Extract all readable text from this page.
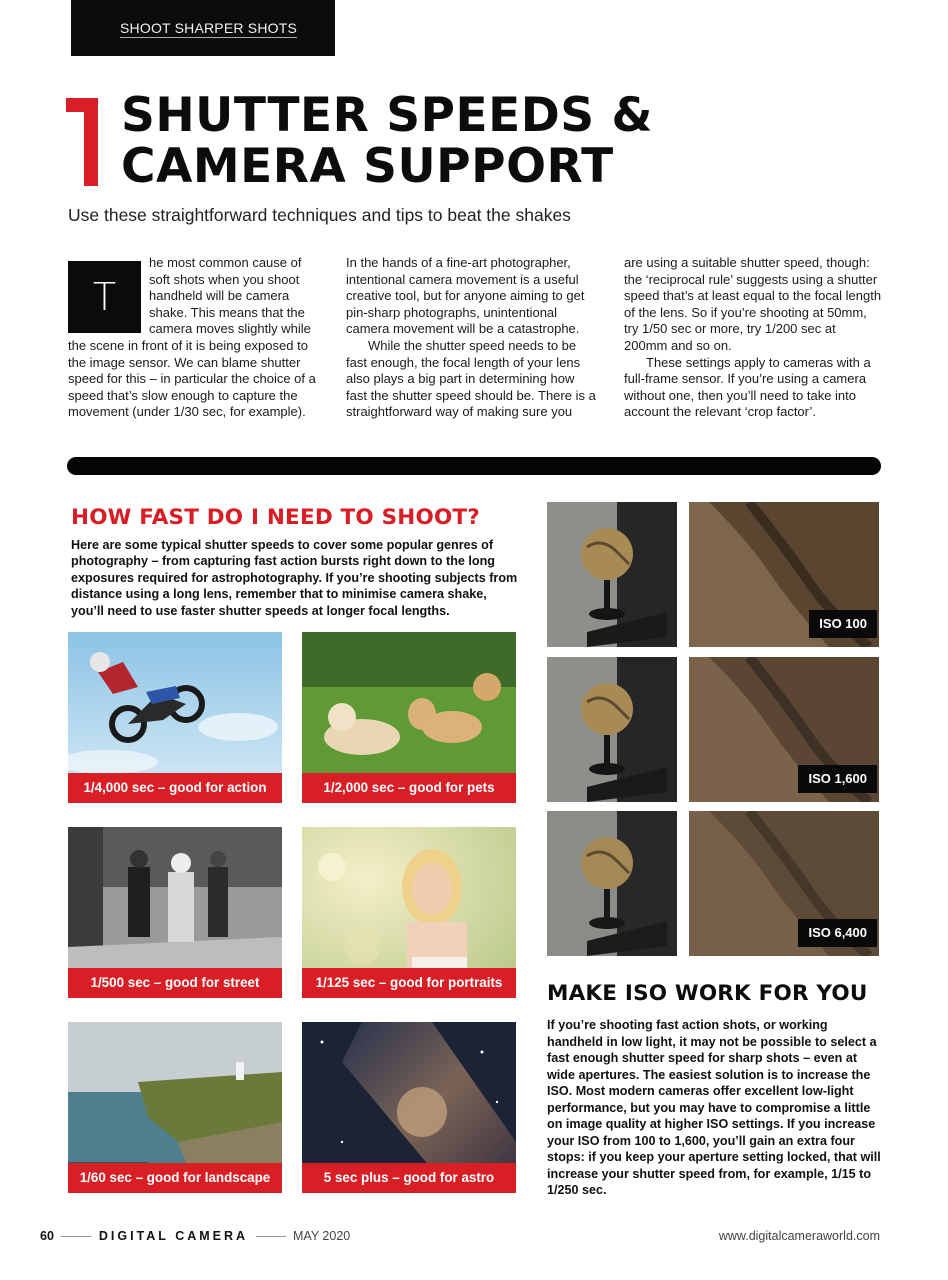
SHOOT SHARPER SHOTS
SHUTTER SPEEDS &
CAMERA SUPPORT
Use these straightforward techniques and tips to beat the shakes
T
he most common cause of soft shots when you shoot handheld will be camera shake. This means that the camera moves slightly while the scene in front of it is being exposed to the image sensor. We can blame shutter speed for this – in particular the choice of a speed that’s slow enough to capture the movement (under 1/30 sec, for example).

In the hands of a fine-art photographer, intentional camera movement is a useful creative tool, but for anyone aiming to get pin-sharp photographs, unintentional camera movement will be a catastrophe.

While the shutter speed needs to be fast enough, the focal length of your lens also plays a big part in determining how fast the shutter speed should be. There is a straightforward way of making sure you

are using a suitable shutter speed, though: the ‘reciprocal rule’ suggests using a shutter speed that’s at least equal to the focal length of the lens. So if you’re shooting at 50mm, try 1/50 sec or more, try 1/200 sec at 200mm and so on.

These settings apply to cameras with a full-frame sensor. If you’re using a camera without one, then you’ll need to take into account the relevant ‘crop factor’.

HOW FAST DO I NEED TO SHOOT?

Here are some typical shutter speeds to cover some popular genres of photography – from capturing fast action bursts right down to the long exposures required for astrophotography. If you’re shooting subjects from distance using a long lens, remember that to minimise camera shake, you’ll need to use faster shutter speeds at longer focal lengths.

1/4,000 sec – good for action	1/2,000 sec – good for pets
1/500 sec – good for street	1/125 sec – good for portraits
1/60 sec – good for landscape	5 sec plus – good for astro
ISO 100
ISO 1,600
ISO 6,400
MAKE ISO WORK FOR YOU

If you’re shooting fast action shots, or working handheld in low light, it may not be possible to select a fast enough shutter speed for sharp shots – even at wide apertures. The easiest solution is to increase the ISO. Most modern cameras offer excellent low-light performance, but you may have to compromise a little on image quality at higher ISO settings. If you increase your ISO from 100 to 1,600, you’ll gain an extra four stops: if you keep your aperture setting locked, that will increase your shutter speed from, for example, 1/15 to 1/250 sec.

60	DIGITAL CAMERA	MAY 2020	www.digitalcameraworld.com
